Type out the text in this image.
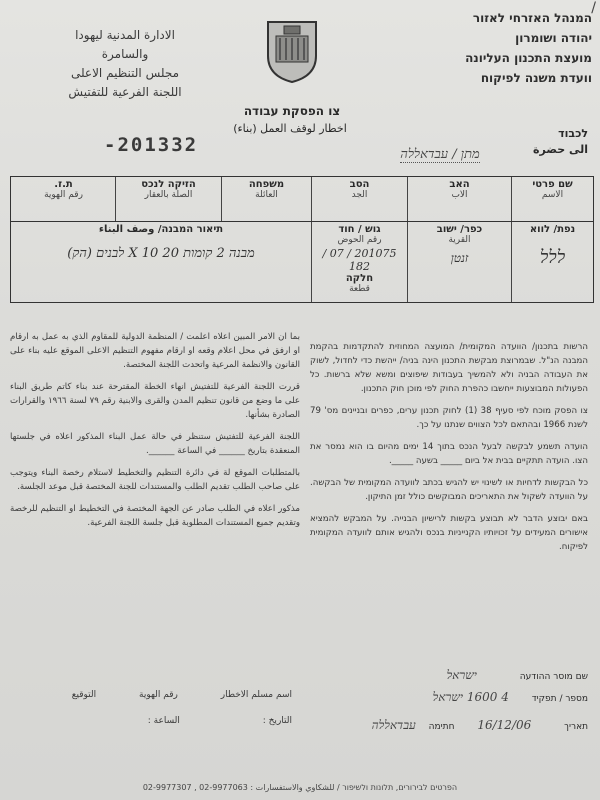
/
המנהל האזרחי לאזור
יהודה ושומרון
מועצת התכנון העליונה
וועדת משנה לפיקוח
الادارة المدنية ليهودا
والسامرة
مجلس التنظيم الاعلى
اللجنة الفرعية للتفتيش
צו הפסקת עבודה
اخطار لوقف العمل (بناء)
-201332
לכבוד
الى حضرة
מתן / עבדאללה
שם פרטי
الاسم
האב
الاب
הסב
الجد
משפחה
العائلة
הזיקה לנכס
الصلة بالعقار
ת.ז.
رقم الهوية
נפת/ לווא
ללל
כפר/ ישוב
القرية
זנטן
גוש / חוד
رقم الحوض
201075 / 07 / 182
חלקה
قطعة
תיאור המבנה/ وصف البناء
מבנה 2 קומות 20 X 10 לבנים (הק)

הרשות בתכנון/ הוועדה המקומית/ המועצה המחוזית להתקדמות בהקמת המבנה הנ"ל. שבמרוצת מבקשת התכנון הינה בניה/ ייהשת כדי לחדול, לשוק את העבודה הבניה ולא להמשיך בעבודות שיפוצים ומשא שלא ברשות. כל הפעולות המבוצעות ייחשבו כהפרת החוק לפי מוכן חוק התכנון.

צו הפסק מוכח לפי סעיף 38 (1) לחוק תכנון ערים, כפרים ובניינים מס' 79 לשנת 1966 ובהתאם לכל הצווים שנתנו על כך.

הועדה תשמע לבקשה לבעל הנכס בתוך 14 ימים מהיום בו הוא נמסר את הצו. הועדה תתקיים בבית אל ביום _____ בשעה _____.

כל הבקשות לדחיות או לשינוי יש להגיש בכתב לוועדה המקומית של הבקשה. על הוועדה לשקול את התאריכים המבוקשים כולל זמן התיקון.

באם יבוצע הדבר לא תבוצע בקשות לרישיון הבנייה. על המבקש להמציא אישורים המעידים על זכויותיו הקנייניות בנכס ולהגיש אותם לוועדה המקומית לפיקוח.

بما ان الامر المبين اعلاه اعلمت / المنظمة الدولية للمقاوم الذي به عمل به ارقام او ارفق في محل اعلام وقعه او ارقام مفهوم التنظيم الاعلى الموقع عليه بناء على القانون والانظمة المرعية واتحدت اللجنة المختصة.

قررت اللجنة الفرعية للتفتيش انهاء الخطة المقترحة عند بناء كاتم طريق البناء على ما وضع من قانون تنظيم المدن والقرى والابنية رقم ٧٩ لسنة ١٩٦٦ والقرارات الصادرة بشأنها.

اللجنة الفرعية للتفتيش ستنظر في حالة عمل البناء المذكور اعلاه في جلستها المنعقدة بتاريخ ______ في الساعة ______.

بالمتطلبات الموقع لة في دائرة التنظيم والتخطيط لاستلام رخصة البناء ويتوجب على صاحب الطلب تقديم الطلب والمستندات للجنة المختصة قبل موعد الجلسة.

مذكور اعلاه في الطلب صادر عن الجهة المختصة في التخطيط او التنظيم للرخصة وتقديم جميع المستندات المطلوبة قبل جلسة اللجنة الفرعية.

שם מוסר ההודעה ישראל
מספר / תפקיד 4 1600 ישראל
תאריך 16/12/06 חתימה עבדאללה
اسم مسلم الاخطار رقم الهوية التوقيع
التاريخ : الساعة :
02-9977307 , 02-9977063 : הפרטים לבירורים, תלונות ולשיפור / للشكاوي والاستفسارات
